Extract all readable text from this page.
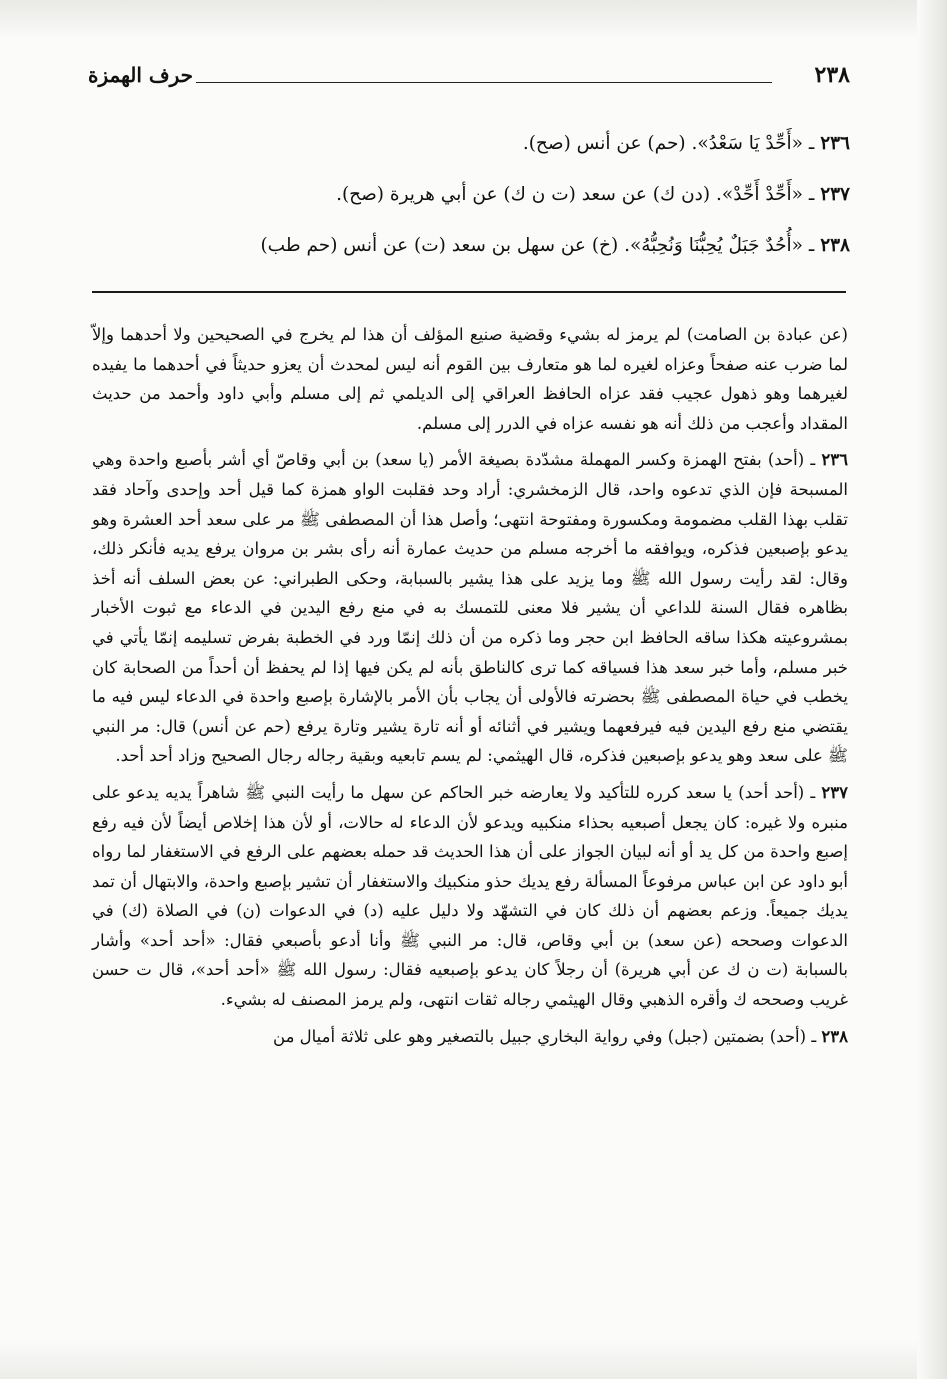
٢٣٨
حرف الهمزة
٢٣٦ ـ «أَحِّدْ يَا سَعْدُ». (حم) عن أنس (صح).
٢٣٧ ـ «أَحِّدْ أَحِّدْ». (دن ك) عن سعد (ت ن ك) عن أبي هريرة (صح).
٢٣٨ ـ «أُحُدٌ جَبَلٌ يُحِبُّنَا وَنُحِبُّهُ». (خ) عن سهل بن سعد (ت) عن أنس (حم طب)

(عن عبادة بن الصامت) لم يرمز له بشيء وقضية صنيع المؤلف أن هذا لم يخرج في الصحيحين ولا أحدهما وإلاّ لما ضرب عنه صفحاً وعزاه لغيره لما هو متعارف بين القوم أنه ليس لمحدث أن يعزو حديثاً في أحدهما ما يفيده لغيرهما وهو ذهول عجيب فقد عزاه الحافظ العراقي إلى الديلمي ثم إلى مسلم وأبي داود وأحمد من حديث المقداد وأعجب من ذلك أنه هو نفسه عزاه في الدرر إلى مسلم.

٢٣٦ ـ (أحد) بفتح الهمزة وكسر المهملة مشدّدة بصيغة الأمر (يا سعد) بن أبي وقاصّ أي أشر بأصبع واحدة وهي المسبحة فإن الذي تدعوه واحد، قال الزمخشري: أراد وحد فقلبت الواو همزة كما قيل أحد وإحدى وآحاد فقد تقلب بهذا القلب مضمومة ومكسورة ومفتوحة انتهى؛ وأصل هذا أن المصطفى ﷺ مر على سعد أحد العشرة وهو يدعو بإصبعين فذكره، ويوافقه ما أخرجه مسلم من حديث عمارة أنه رأى بشر بن مروان يرفع يديه فأنكر ذلك، وقال: لقد رأيت رسول الله ﷺ وما يزيد على هذا يشير بالسبابة، وحكى الطبراني: عن بعض السلف أنه أخذ بظاهره فقال السنة للداعي أن يشير فلا معنى للتمسك به في منع رفع اليدين في الدعاء مع ثبوت الأخبار بمشروعيته هكذا ساقه الحافظ ابن حجر وما ذكره من أن ذلك إنمّا ورد في الخطبة بفرض تسليمه إنمّا يأتي في خبر مسلم، وأما خبر سعد هذا فسياقه كما ترى كالناطق بأنه لم يكن فيها إذا لم يحفظ أن أحداً من الصحابة كان يخطب في حياة المصطفى ﷺ بحضرته فالأولى أن يجاب بأن الأمر بالإشارة بإصبع واحدة في الدعاء ليس فيه ما يقتضي منع رفع اليدين فيه فيرفعهما ويشير في أثنائه أو أنه تارة يشير وتارة يرفع (حم عن أنس) قال: مر النبي ﷺ على سعد وهو يدعو بإصبعين فذكره، قال الهيثمي: لم يسم تابعيه وبقية رجاله رجال الصحيح وزاد أحد أحد.

٢٣٧ ـ (أحد أحد) يا سعد كرره للتأكيد ولا يعارضه خبر الحاكم عن سهل ما رأيت النبي ﷺ شاهراً يديه يدعو على منبره ولا غيره: كان يجعل أصبعيه بحذاء منكبيه ويدعو لأن الدعاء له حالات، أو لأن هذا إخلاص أيضاً لأن فيه رفع إصبع واحدة من كل يد أو أنه لبيان الجواز على أن هذا الحديث قد حمله بعضهم على الرفع في الاستغفار لما رواه أبو داود عن ابن عباس مرفوعاً المسألة رفع يديك حذو منكبيك والاستغفار أن تشير بإصبع واحدة، والابتهال أن تمد يديك جميعاً. وزعم بعضهم أن ذلك كان في التشهّد ولا دليل عليه (د) في الدعوات (ن) في الصلاة (ك) في الدعوات وصححه (عن سعد) بن أبي وقاص، قال: مر النبي ﷺ وأنا أدعو بأصبعي فقال: «أحد أحد» وأشار بالسبابة (ت ن ك عن أبي هريرة) أن رجلاً كان يدعو بإصبعيه فقال: رسول الله ﷺ «أحد أحد»، قال ت حسن غريب وصححه ك وأقره الذهبي وقال الهيثمي رجاله ثقات انتهى، ولم يرمز المصنف له بشيء.

٢٣٨ ـ (أحد) بضمتين (جبل) وفي رواية البخاري جبيل بالتصغير وهو على ثلاثة أميال من
